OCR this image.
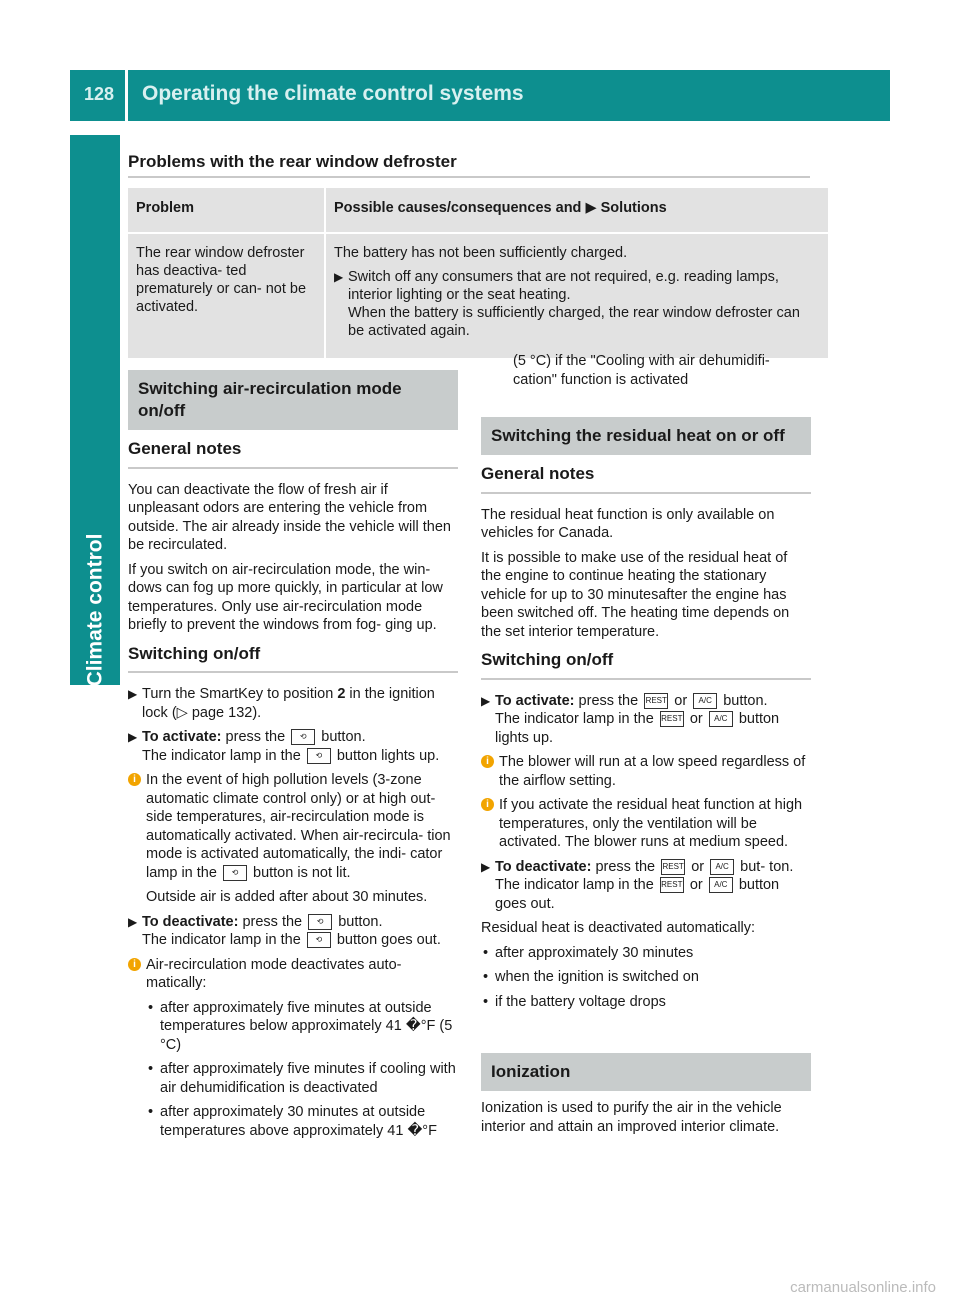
128 Operating the climate control systems
Climate control
Problems with the rear window defroster
Problem	Possible causes/consequences and ▶ Solutions
The rear window defroster has deactiva- ted prematurely or can- not be activated.	The battery has not been sufficiently charged.
▶ Switch off any consumers that are not required, e.g. reading lamps, interior lighting or the seat heating.
When the battery is sufficiently charged, the rear window defroster can be activated again.
Switching air-recirculation mode on/off
General notes

You can deactivate the flow of fresh air if unpleasant odors are entering the vehicle from outside. The air already inside the vehicle will then be recirculated.

If you switch on air-recirculation mode, the win- dows can fog up more quickly, in particular at low temperatures. Only use air-recirculation mode briefly to prevent the windows from fog- ging up.

Switching on/off
▶ Turn the SmartKey to position 2 in the ignition lock (▷ page 132).
▶ To activate: press the ⟲ button.
The indicator lamp in the ⟲ button lights up.
i In the event of high pollution levels (3-zone automatic climate control only) or at high out- side temperatures, air-recirculation mode is automatically activated. When air-recircula- tion mode is activated automatically, the indi- cator lamp in the ⟲ button is not lit.
Outside air is added after about 30 minutes.
▶ To deactivate: press the ⟲ button.
The indicator lamp in the ⟲ button goes out.
i Air-recirculation mode deactivates auto- matically:
• after approximately five minutes at outside temperatures below approximately 41 �°F (5 °C)
• after approximately five minutes if cooling with air dehumidification is deactivated
• after approximately 30 minutes at outside temperatures above approximately 41 �°F
(5 °C) if the "Cooling with air dehumidifi- cation" function is activated
Switching the residual heat on or off
General notes

The residual heat function is only available on vehicles for Canada.

It is possible to make use of the residual heat of the engine to continue heating the stationary vehicle for up to 30 minutesafter the engine has been switched off. The heating time depends on the set interior temperature.

Switching on/off
▶ To activate: press the REST or A/C button.
The indicator lamp in the REST or A/C button lights up.
i The blower will run at a low speed regardless of the airflow setting.
i If you activate the residual heat function at high temperatures, only the ventilation will be activated. The blower runs at medium speed.
▶ To deactivate: press the REST or A/C but- ton.
The indicator lamp in the REST or A/C button goes out.

Residual heat is deactivated automatically:

• after approximately 30 minutes
• when the ignition is switched on
• if the battery voltage drops
Ionization

Ionization is used to purify the air in the vehicle interior and attain an improved interior climate.

carmanualsonline.info
